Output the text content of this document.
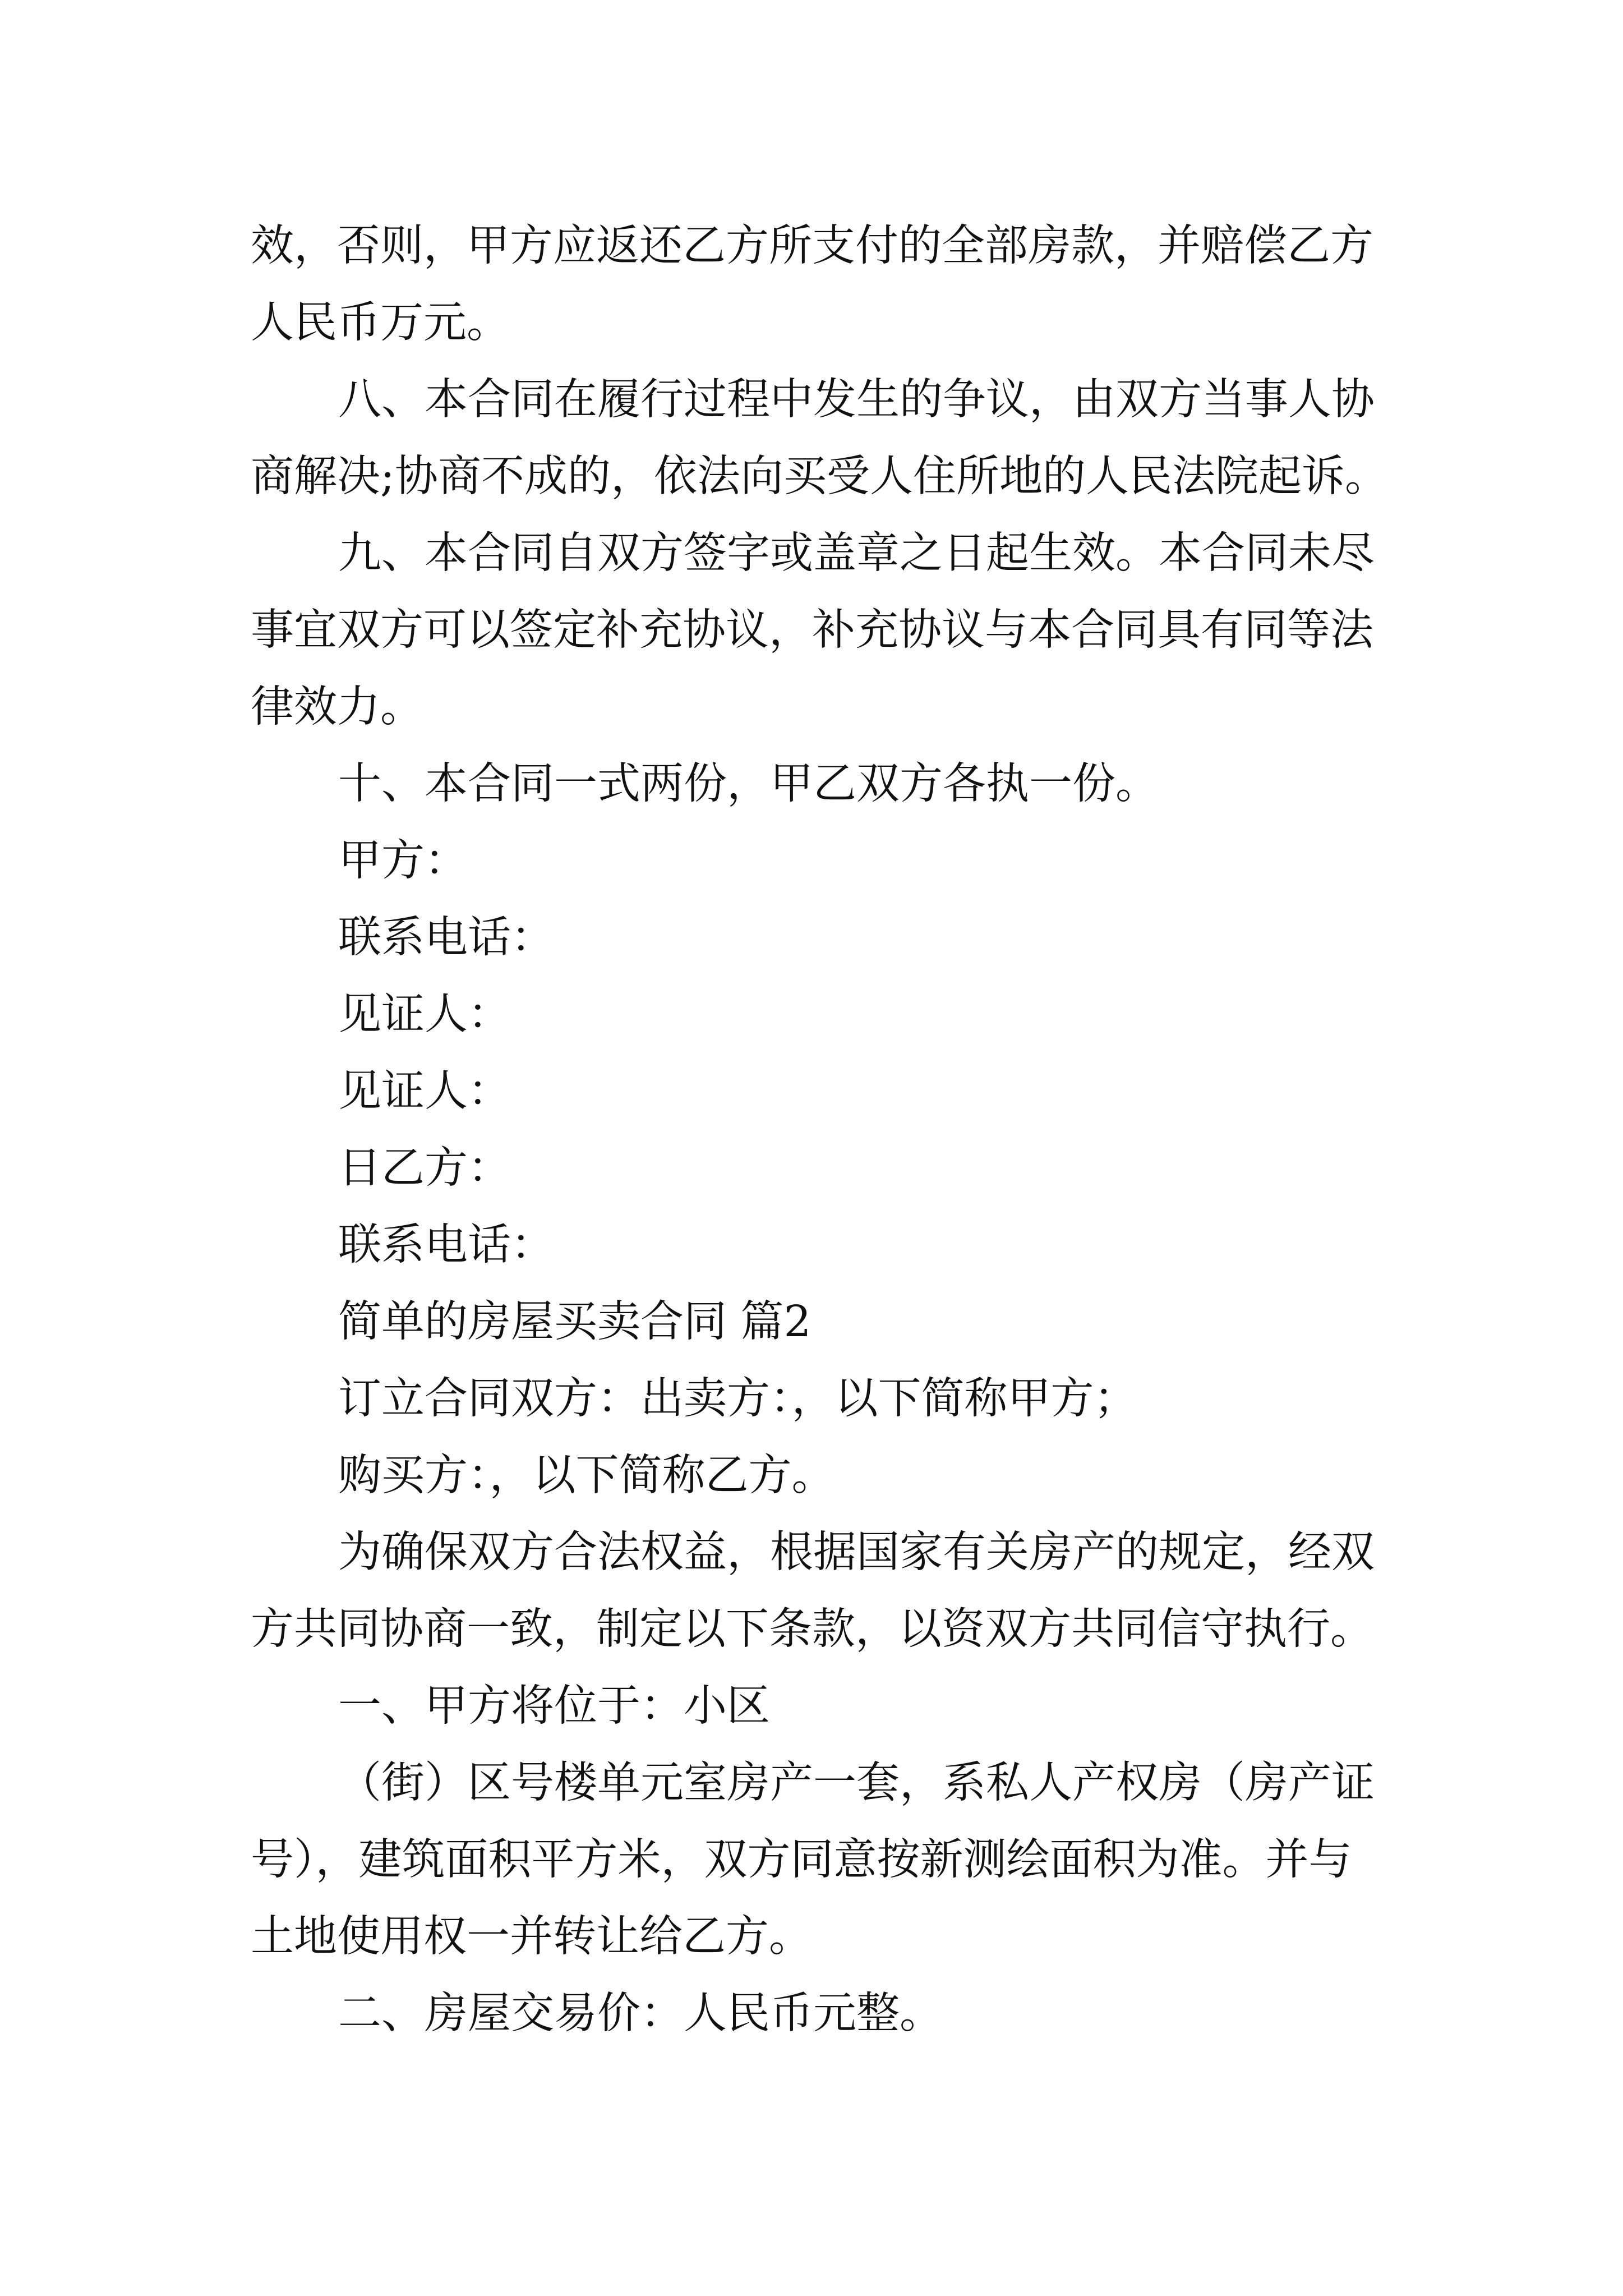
效，否则，甲方应返还乙方所支付的全部房款，并赔偿乙方
人民币万元。
八、本合同在履行过程中发生的争议，由双方当事人协
商解决;协商不成的，依法向买受人住所地的人民法院起诉。
九、本合同自双方签字或盖章之日起生效。本合同未尽
事宜双方可以签定补充协议，补充协议与本合同具有同等法
律效力。
十、本合同一式两份，甲乙双方各执一份。
甲方：
联系电话：
见证人：
见证人：
日乙方：
联系电话：
简单的房屋买卖合同 篇2
订立合同双方：出卖方：，以下简称甲方；
购买方：，以下简称乙方。
为确保双方合法权益，根据国家有关房产的规定，经双
方共同协商一致，制定以下条款，以资双方共同信守执行。
一、甲方将位于：小区
（街）区号楼单元室房产一套，系私人产权房（房产证
号），建筑面积平方米，双方同意按新测绘面积为准。并与
土地使用权一并转让给乙方。
二、房屋交易价：人民币元整。
